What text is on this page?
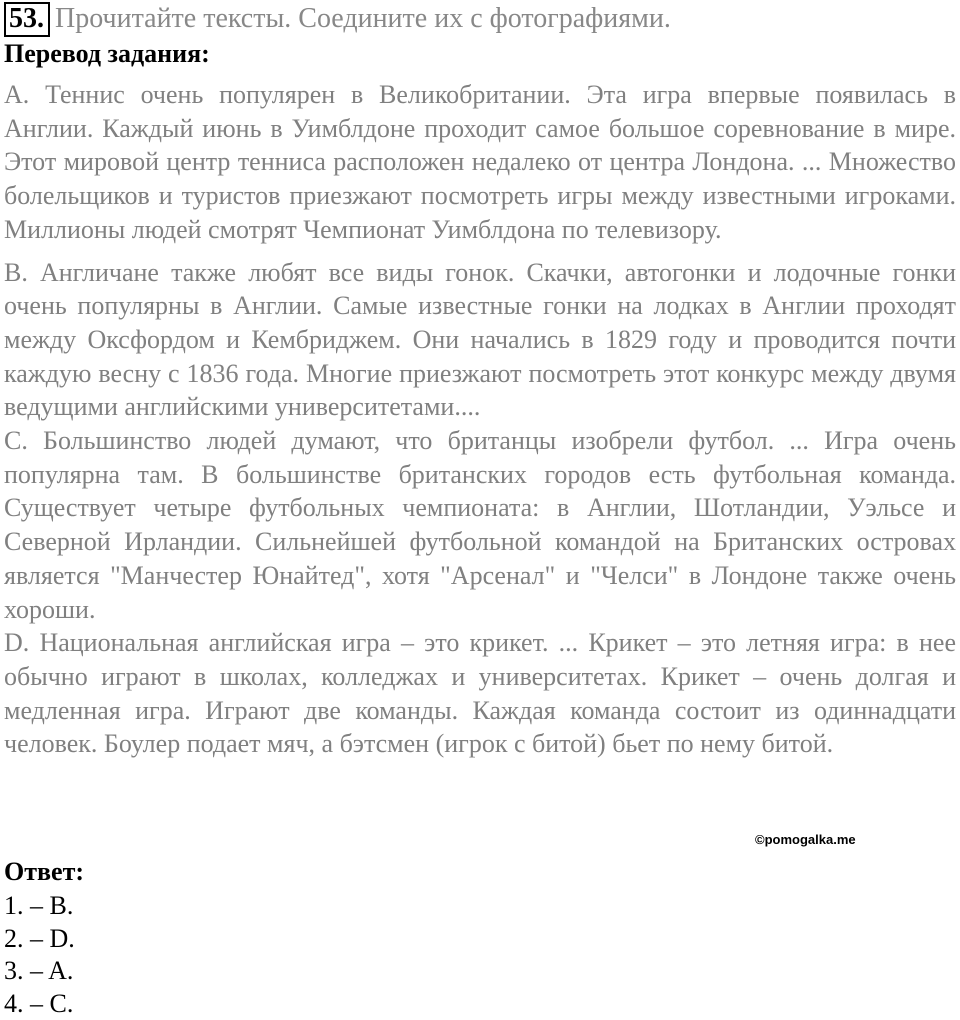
53. Прочитайте тексты. Соедините их с фотографиями.
Перевод задания:
A. Теннис очень популярен в Великобритании. Эта игра впервые появилась в Англии. Каждый июнь в Уимблдоне проходит самое большое соревнование в мире. Этот мировой центр тенниса расположен недалеко от центра Лондона. ... Множество болельщиков и туристов приезжают посмотреть игры между известными игроками. Миллионы людей смотрят Чемпионат Уимблдона по телевизору.
B. Англичане также любят все виды гонок. Скачки, автогонки и лодочные гонки очень популярны в Англии. Самые известные гонки на лодках в Англии проходят между Оксфордом и Кембриджем. Они начались в 1829 году и проводится почти каждую весну с 1836 года. Многие приезжают посмотреть этот конкурс между двумя ведущими английскими университетами....
C. Большинство людей думают, что британцы изобрели футбол. ... Игра очень популярна там. В большинстве британских городов есть футбольная команда. Существует четыре футбольных чемпионата: в Англии, Шотландии, Уэльсе и Северной Ирландии. Сильнейшей футбольной командой на Британских островах является "Манчестер Юнайтед", хотя "Арсенал" и "Челси" в Лондоне также очень хороши.
D. Национальная английская игра – это крикет. ... Крикет – это летняя игра: в нее обычно играют в школах, колледжах и университетах. Крикет – очень долгая и медленная игра. Играют две команды. Каждая команда состоит из одиннадцати человек. Боулер подает мяч, а бэтсмен (игрок с битой) бьет по нему битой.
©pomogalka.me
Ответ:
1. – B.
2. – D.
3. – A.
4. – C.
